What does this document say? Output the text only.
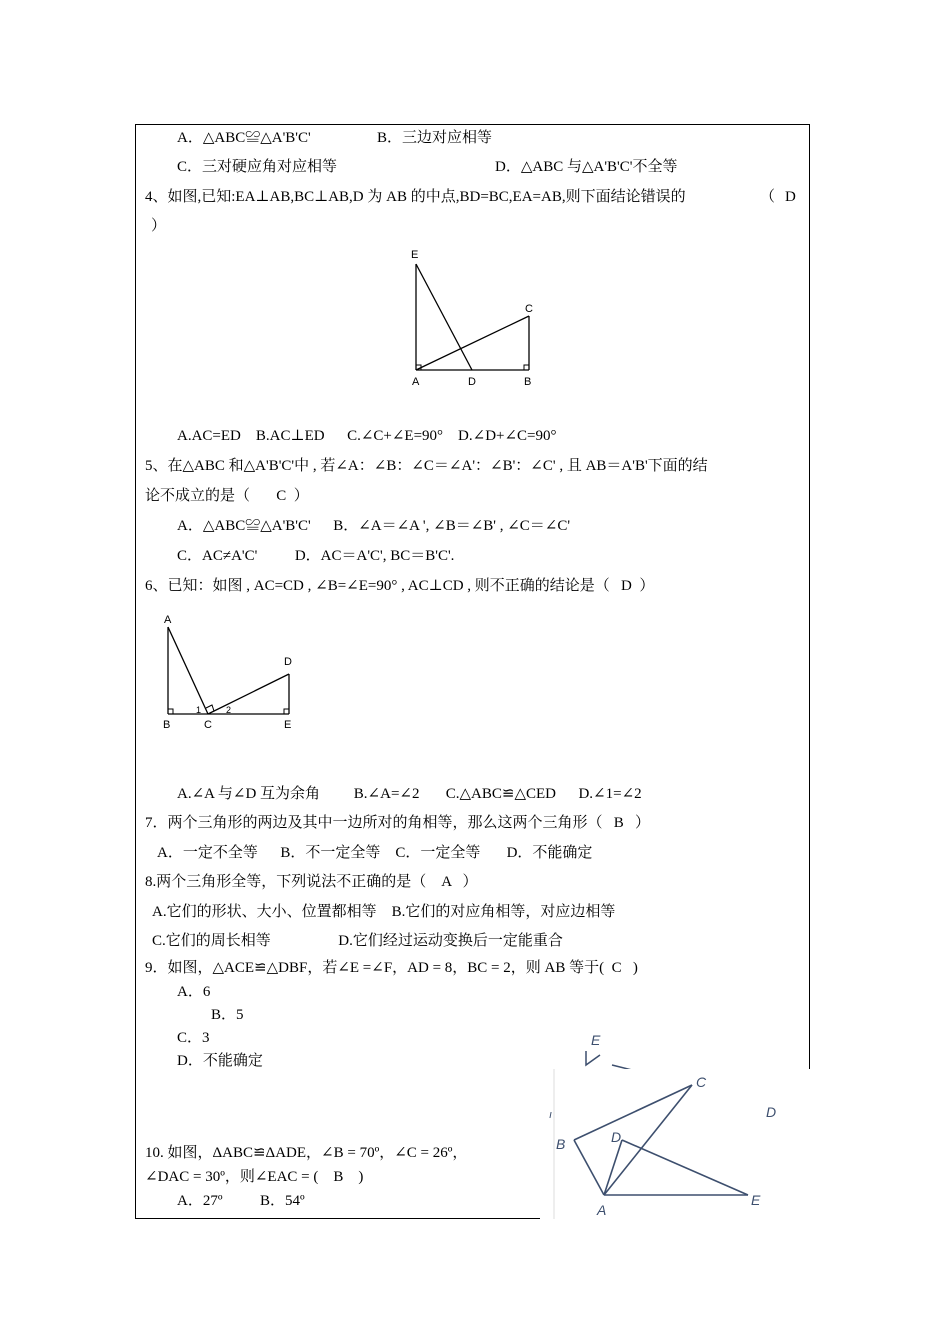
A．△ABC≌△A'B'C'	B．三边对应相等
C．三对硬应角对应相等	D．△ABC 与△A'B'C'不全等
4、如图,已知:EA⊥AB,BC⊥AB,D 为 AB 的中点,BD=BC,EA=AB,则下面结论错误的	（ D
）
E
C
A	D	B
A.AC=ED    B.AC⊥ED      C.∠C+∠E=90°    D.∠D+∠C=90°
5、在△ABC 和△A'B'C'中 , 若∠A：∠B：∠C＝∠A'：∠B'：∠C' , 且 AB＝A'B'下面的结
论不成立的是（       C  ）
A．△ABC≌△A'B'C'      B．∠A＝∠A ', ∠B＝∠B' , ∠C＝∠C'
C．AC≠A'C'          D．AC＝A'C', BC＝B'C'.
6、已知：如图 , AC=CD , ∠B=∠E=90° , AC⊥CD , 则不正确的结论是（   D  ）
A
D
B	C	E
1	2
A.∠A 与∠D 互为余角         B.∠A=∠2       C.△ABC≌△CED      D.∠1=∠2
7．两个三角形的两边及其中一边所对的角相等，那么这两个三角形（   B   ）
A．一定不全等      B．不一定全等    C．一定全等       D．不能确定
8.两个三角形全等，下列说法不正确的是（    A   ）
A.它们的形状、大小、位置都相等    B.它们的对应角相等，对应边相等
C.它们的周长相等                  D.它们经过运动变换后一定能重合
9．如图，△ACE≌△DBF，若∠E =∠F，AD = 8，BC = 2，则 AB 等于(  C   )
A．6
B．5
C．3
D．不能确定
E
C
D
B
D
A
E
ı
10. 如图，ΔABC≌ΔADE，∠B = 70º，∠C = 26º，
∠DAC = 30º，则∠EAC = (    B    )
A．27º          B．54º
